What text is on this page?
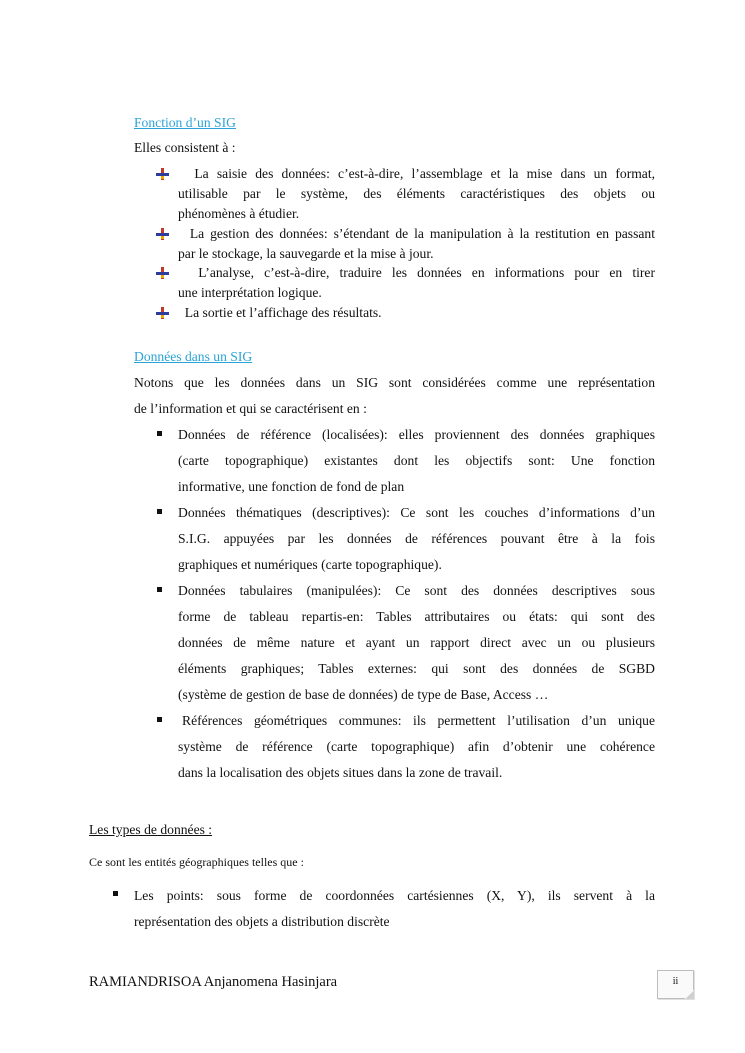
Fonction d’un SIG
Elles consistent à :
La saisie des données: c’est-à-dire, l’assemblage et la mise dans un format,
utilisable par le système, des éléments caractéristiques des objets ou
phénomènes à étudier.
La gestion des données: s’étendant de la manipulation à la restitution en passant
par le stockage, la sauvegarde et la mise à jour.
L’analyse, c’est-à-dire, traduire les données en informations pour en tirer
une interprétation logique.
La sortie et l’affichage des résultats.
Données dans un SIG
Notons que les données dans un SIG sont considérées comme une représentation
de l’information et qui se caractérisent en :
Données de référence (localisées): elles proviennent des données graphiques
(carte topographique) existantes dont les objectifs sont: Une fonction
informative, une fonction de fond de plan
Données thématiques (descriptives): Ce sont les couches d’informations d’un
S.I.G. appuyées par les données de références pouvant être à la fois
graphiques et numériques (carte topographique).
Données tabulaires (manipulées): Ce sont des données descriptives sous
forme de tableau repartis-en: Tables attributaires ou états: qui sont des
données de même nature et ayant un rapport direct avec un ou plusieurs
éléments graphiques; Tables externes: qui sont des données de SGBD
(système de gestion de base de données) de type de Base, Access …
Références géométriques communes: ils permettent l’utilisation d’un unique
système de référence (carte topographique) afin d’obtenir une cohérence
dans la localisation des objets situes dans la zone de travail.
Les types de données :
Ce sont les entités géographiques telles que :
Les points: sous forme de coordonnées cartésiennes (X, Y), ils servent à la
représentation des objets a distribution discrète
RAMIANDRISOA Anjanomena Hasinjara	ii
